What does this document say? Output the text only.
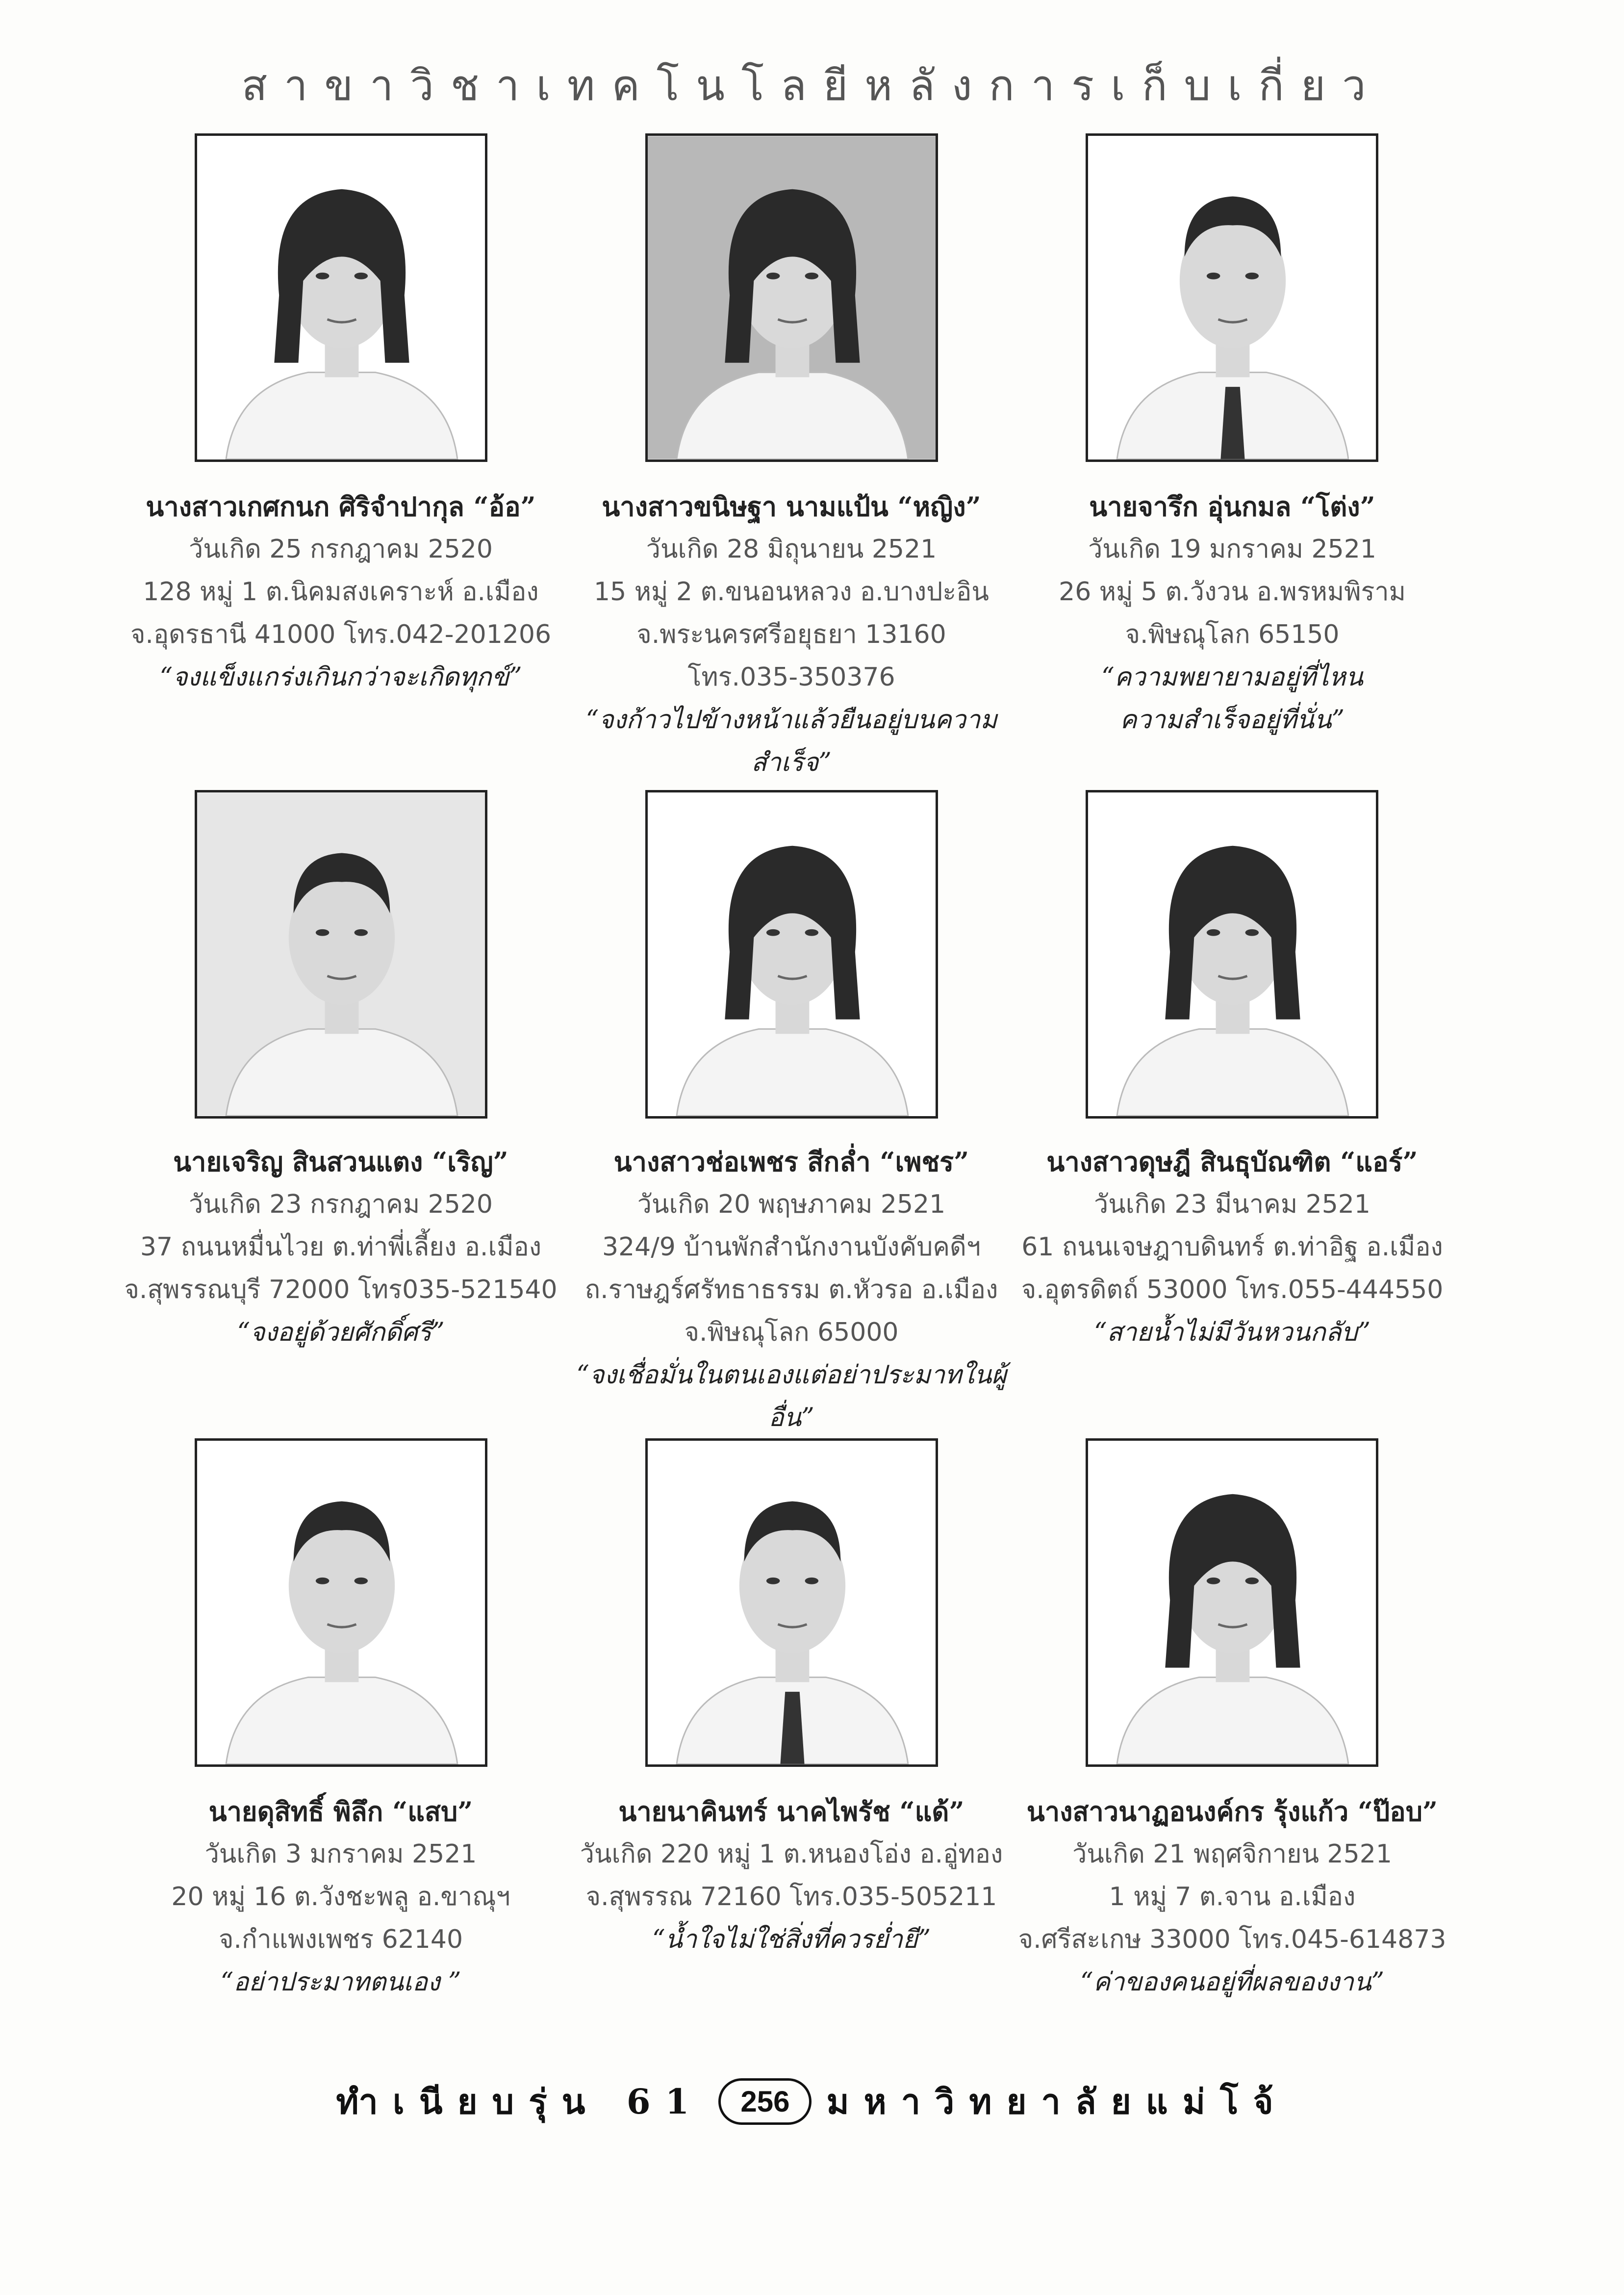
สาขาวิชาเทคโนโลยีหลังการเก็บเกี่ยว
นางสาวเกศกนก ศิริจำปากุล “อ้อ”
วันเกิด 25 กรกฎาคม 2520
128 หมู่ 1 ต.นิคมสงเคราะห์ อ.เมือง
จ.อุดรธานี 41000 โทร.042-201206
“จงแข็งแกร่งเกินกว่าจะเกิดทุกข์”
นางสาวขนิษฐา นามแป้น “หญิง”
วันเกิด 28 มิถุนายน 2521
15 หมู่ 2 ต.ขนอนหลวง อ.บางปะอิน
จ.พระนครศรีอยุธยา 13160
โทร.035-350376
“จงก้าวไปข้างหน้าแล้วยืนอยู่บนความสำเร็จ”
นายจารึก อุ่นกมล “โต่ง”
วันเกิด 19 มกราคม 2521
26 หมู่ 5 ต.วังวน อ.พรหมพิราม
จ.พิษณุโลก 65150
“ความพยายามอยู่ที่ไหน
ความสำเร็จอยู่ที่นั่น”
นายเจริญ สินสวนแตง “เริญ”
วันเกิด 23 กรกฎาคม 2520
37 ถนนหมื่นไวย ต.ท่าพี่เลี้ยง อ.เมือง
จ.สุพรรณบุรี 72000 โทร035-521540
“จงอยู่ด้วยศักดิ์ศรี”
นางสาวช่อเพชร สีกล่ำ “เพชร”
วันเกิด 20 พฤษภาคม 2521
324/9 บ้านพักสำนักงานบังคับคดีฯ
ถ.ราษฎร์ศรัทธาธรรม ต.หัวรอ อ.เมือง
จ.พิษณุโลก 65000
“จงเชื่อมั่นในตนเองแต่อย่าประมาทในผู้อื่น”
นางสาวดุษฎี สินธุบัณฑิต “แอร์”
วันเกิด 23 มีนาคม 2521
61 ถนนเจษฎาบดินทร์ ต.ท่าอิฐ อ.เมือง
จ.อุตรดิตถ์ 53000 โทร.055-444550
“สายน้ำไม่มีวันหวนกลับ”
นายดุสิทธิ์ พิลึก “แสบ”
วันเกิด 3 มกราคม 2521
20 หมู่ 16 ต.วังชะพลู อ.ขาณุฯ
จ.กำแพงเพชร 62140
“อย่าประมาทตนเอง ”
นายนาคินทร์ นาคไพรัช “แด้”
วันเกิด 220 หมู่ 1 ต.หนองโอ่ง อ.อู่ทอง
จ.สุพรรณ 72160 โทร.035-505211
“น้ำใจไม่ใช่สิ่งที่ควรย่ำยี”
นางสาวนาฏอนงค์กร รุ้งแก้ว “ป๊อบ”
วันเกิด 21 พฤศจิกายน 2521
1 หมู่ 7 ต.จาน อ.เมือง
จ.ศรีสะเกษ 33000 โทร.045-614873
“ค่าของคนอยู่ที่ผลของงาน”
ทำเนียบรุ่น 61 256 มหาวิทยาลัยแม่โจ้
